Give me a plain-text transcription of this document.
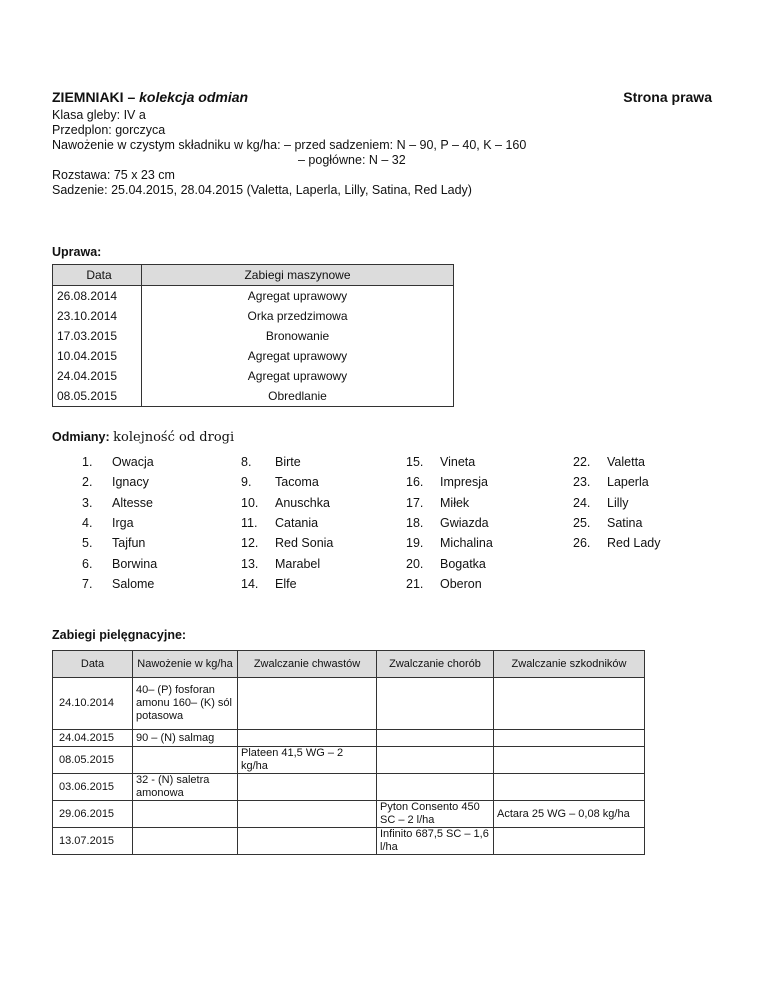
ZIEMNIAKI – kolekcja odmian	Strona prawa
Klasa gleby: IV a
Przedplon: gorczyca
Nawożenie w czystym składniku w kg/ha: – przed sadzeniem: N – 90, P – 40, K – 160
– pogłówne: N – 32
Rozstawa: 75 x 23 cm
Sadzenie: 25.04.2015, 28.04.2015 (Valetta, Laperla, Lilly, Satina, Red Lady)
Uprawa:
Data	Zabiegi maszynowe
26.08.2014	Agregat uprawowy
23.10.2014	Orka przedzimowa
17.03.2015	Bronowanie
10.04.2015	Agregat uprawowy
24.04.2015	Agregat uprawowy
08.05.2015	Obredlanie
Odmiany: kolejność od drogi
1. Owacja	8. Birte	15. Vineta	22. Valetta
2. Ignacy	9. Tacoma	16. Impresja	23. Laperla
3. Altesse	10. Anuschka	17. Miłek	24. Lilly
4. Irga	11. Catania	18. Gwiazda	25. Satina
5. Tajfun	12. Red Sonia	19. Michalina	26. Red Lady
6. Borwina	13. Marabel	20. Bogatka
7. Salome	14. Elfe	21. Oberon
Zabiegi pielęgnacyjne:
Data	Nawożenie w kg/ha	Zwalczanie chwastów	Zwalczanie chorób	Zwalczanie szkodników
24.10.2014	40– (P) fosforan amonu 160– (K) sól potasowa			
24.04.2015	90 – (N) salmag			
08.05.2015		Plateen 41,5 WG – 2 kg/ha		
03.06.2015	32 - (N) saletra amonowa			
29.06.2015			Pyton Consento 450 SC – 2 l/ha	Actara 25 WG – 0,08 kg/ha
13.07.2015			Infinito 687,5 SC – 1,6 l/ha	
